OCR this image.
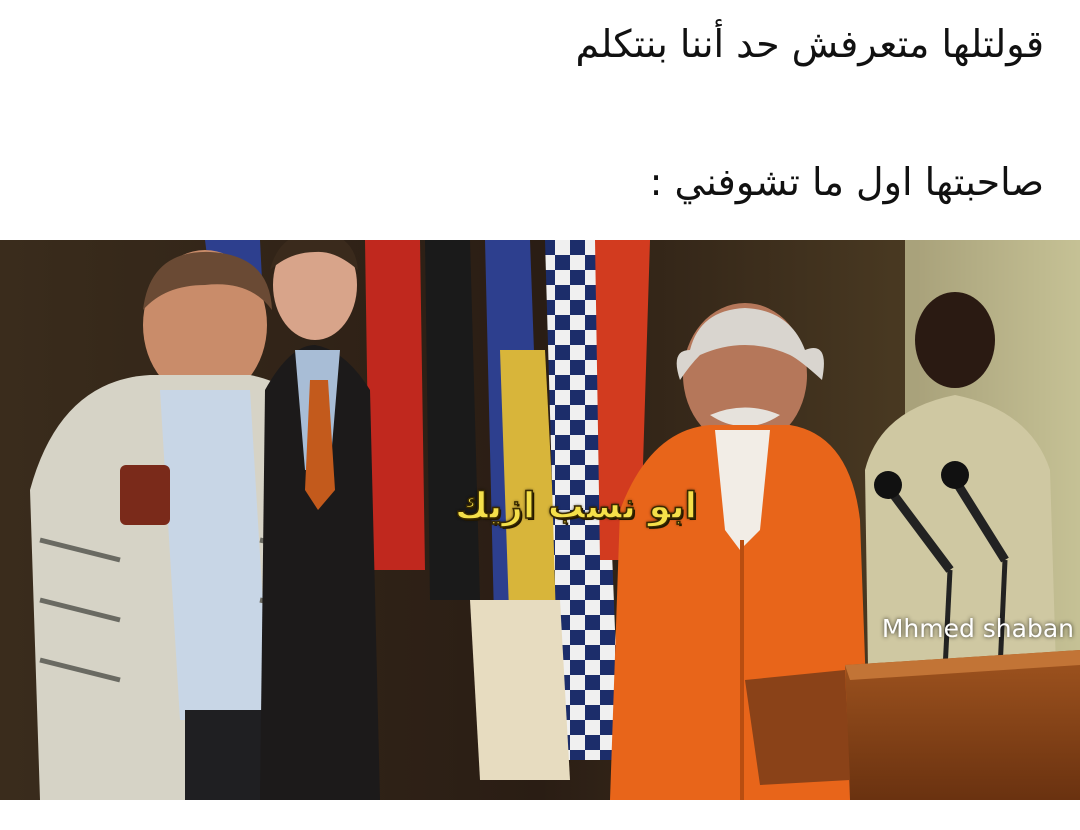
قولتلها متعرفش حد أننا بنتكلم
صاحبتها اول ما تشوفني :
ابو نسب ازيك
Mhmed shaban
